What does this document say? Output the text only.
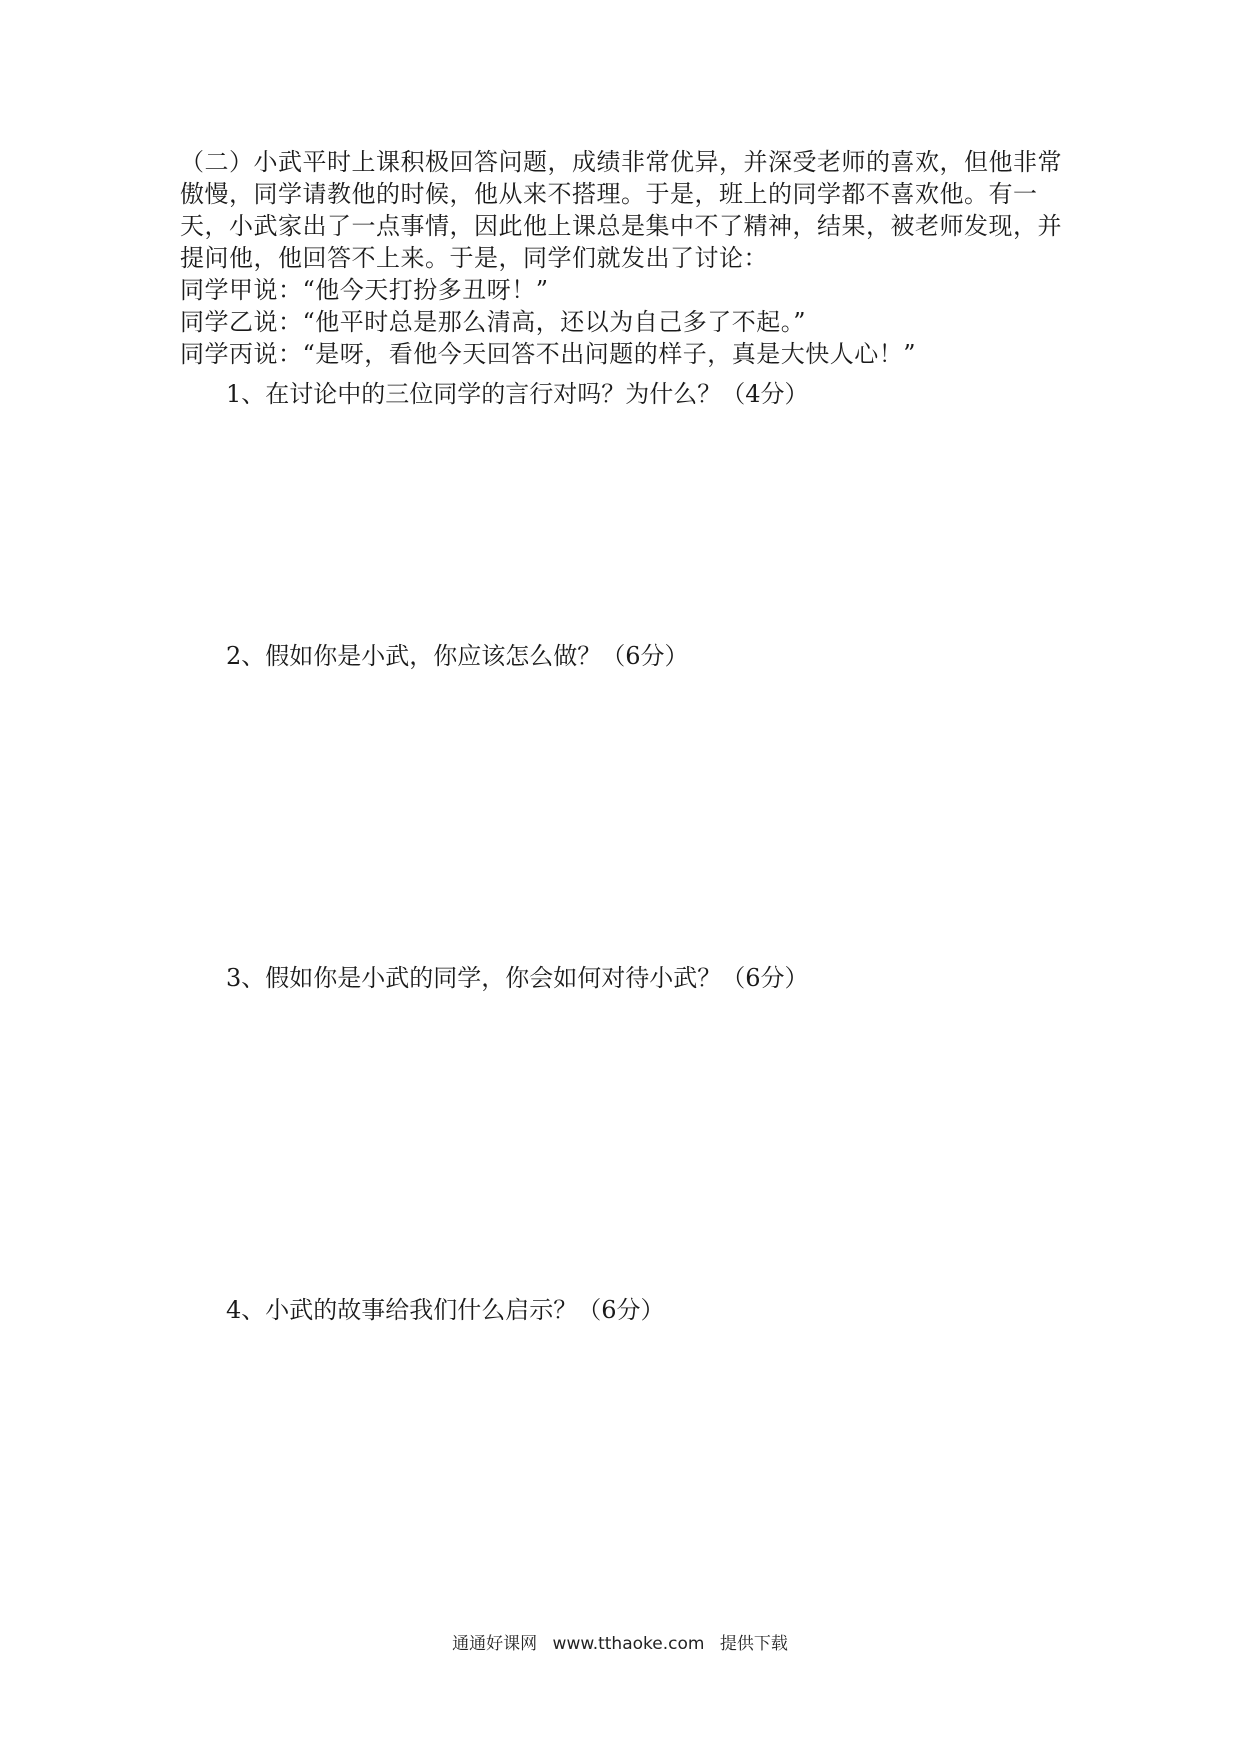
（二）小武平时上课积极回答问题，成绩非常优异，并深受老师的喜欢，但他非常傲慢，同学请教他的时候，他从来不搭理。于是，班上的同学都不喜欢他。有一天，小武家出了一点事情，因此他上课总是集中不了精神，结果，被老师发现，并提问他，他回答不上来。于是，同学们就发出了讨论：

同学甲说：“他今天打扮多丑呀！”

同学乙说：“他平时总是那么清高，还以为自己多了不起。”

同学丙说：“是呀，看他今天回答不出问题的样子，真是大快人心！”

1、在讨论中的三位同学的言行对吗？为什么？（4分）

2、假如你是小武，你应该怎么做？（6分）

3、假如你是小武的同学，你会如何对待小武？（6分）

4、小武的故事给我们什么启示？（6分）

通通好课网 www.tthaoke.com 提供下载
